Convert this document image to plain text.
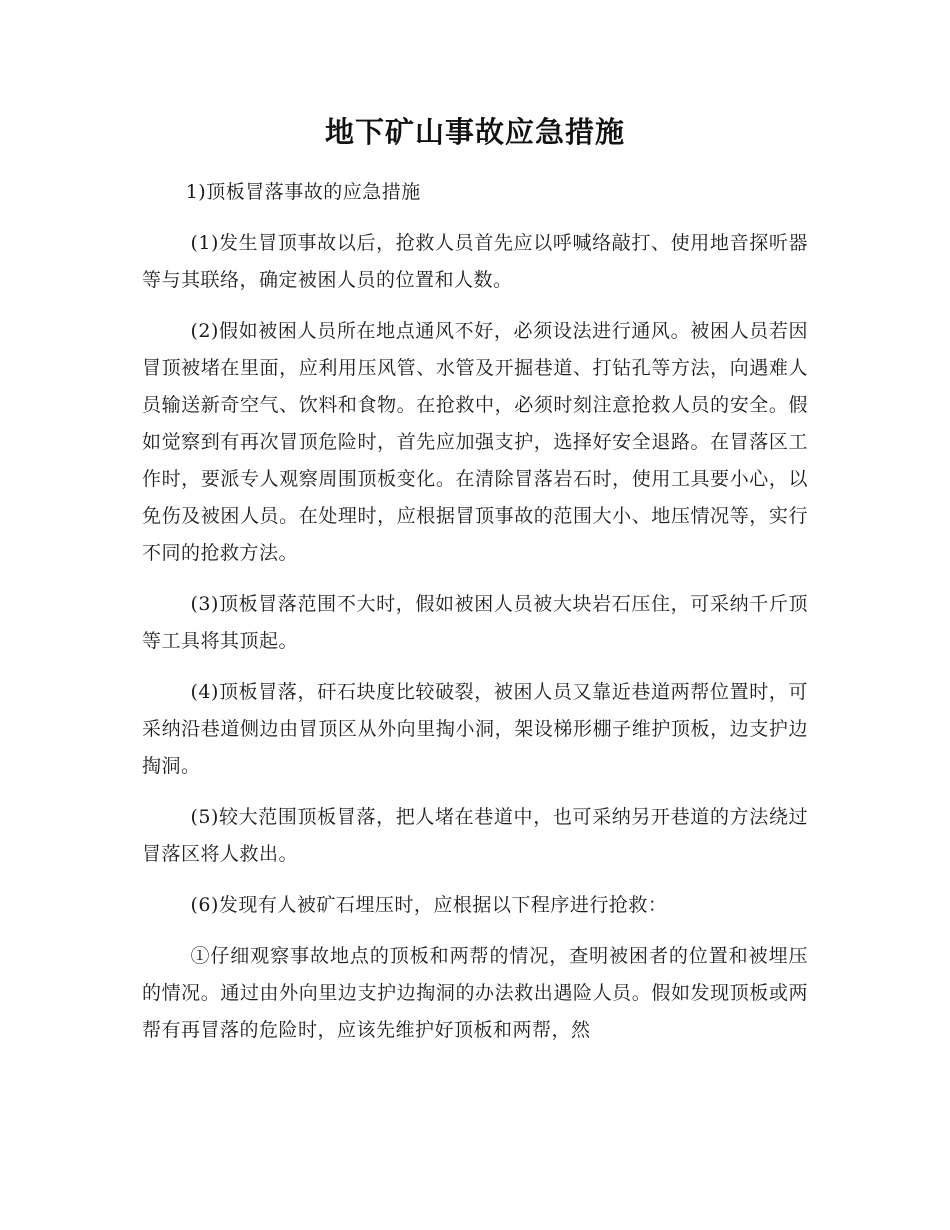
地下矿山事故应急措施

1)顶板冒落事故的应急措施

(1)发生冒顶事故以后，抢救人员首先应以呼喊络敲打、使用地音探听器等与其联络，确定被困人员的位置和人数。

(2)假如被困人员所在地点通风不好，必须设法进行通风。被困人员若因冒顶被堵在里面，应利用压风管、水管及开掘巷道、打钻孔等方法，向遇难人员输送新奇空气、饮料和食物。在抢救中，必须时刻注意抢救人员的安全。假如觉察到有再次冒顶危险时，首先应加强支护，选择好安全退路。在冒落区工作时，要派专人观察周围顶板变化。在清除冒落岩石时，使用工具要小心，以免伤及被困人员。在处理时，应根据冒顶事故的范围大小、地压情况等，实行不同的抢救方法。

(3)顶板冒落范围不大时，假如被困人员被大块岩石压住，可采纳千斤顶等工具将其顶起。

(4)顶板冒落，矸石块度比较破裂，被困人员又靠近巷道两帮位置时，可采纳沿巷道侧边由冒顶区从外向里掏小洞，架设梯形棚子维护顶板，边支护边掏洞。

(5)较大范围顶板冒落，把人堵在巷道中，也可采纳另开巷道的方法绕过冒落区将人救出。

(6)发现有人被矿石埋压时，应根据以下程序进行抢救：

①仔细观察事故地点的顶板和两帮的情况，查明被困者的位置和被埋压的情况。通过由外向里边支护边掏洞的办法救出遇险人员。假如发现顶板或两帮有再冒落的危险时，应该先维护好顶板和两帮，然
